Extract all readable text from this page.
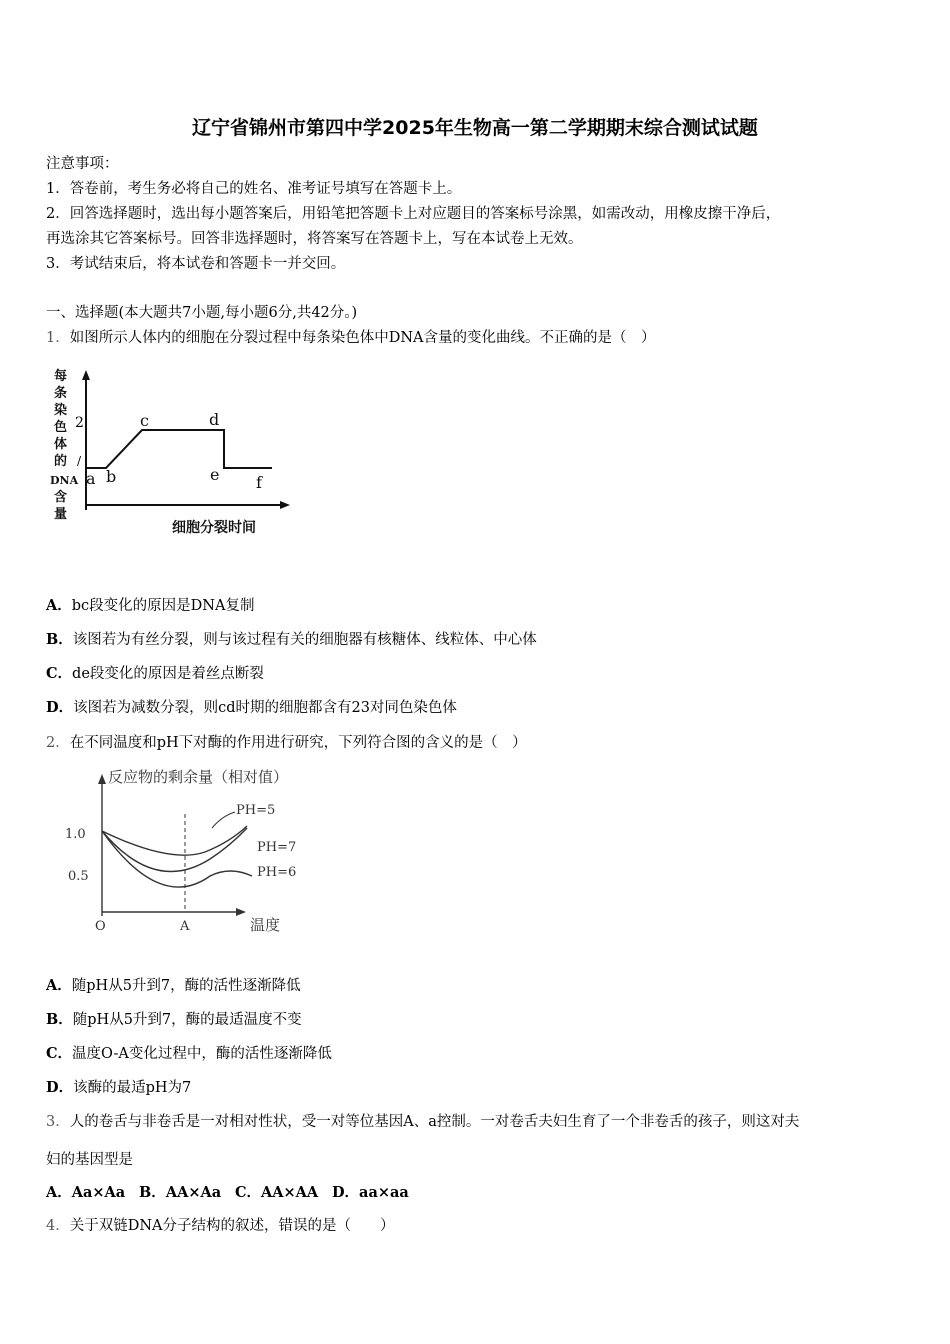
辽宁省锦州市第四中学2025年生物高一第二学期期末综合测试试题
注意事项：
1．答卷前，考生务必将自己的姓名、准考证号填写在答题卡上。
2．回答选择题时，选出每小题答案后，用铅笔把答题卡上对应题目的答案标号涂黑，如需改动，用橡皮擦干净后，
再选涂其它答案标号。回答非选择题时，将答案写在答题卡上，写在本试卷上无效。
3．考试结束后，将本试卷和答题卡一并交回。
一、选择题(本大题共7小题,每小题6分,共42分。)
1．如图所示人体内的细胞在分裂过程中每条染色体中DNA含量的变化曲线。不正确的是（　）
每
条
染
色
体
的
DNA
含
量
2
/
a b
c	d
e f
细胞分裂时间
A．bc段变化的原因是DNA复制
B．该图若为有丝分裂，则与该过程有关的细胞器有核糖体、线粒体、中心体
C．de段变化的原因是着丝点断裂
D．该图若为减数分裂，则cd时期的细胞都含有23对同色染色体
2．在不同温度和pH下对酶的作用进行研究，下列符合图的含义的是（　）
反应物的剩余量（相对值）
1.0
0.5
O	A	温度
PH=5
PH=7
PH=6
A．随pH从5升到7，酶的活性逐渐降低
B．随pH从5升到7，酶的最适温度不变
C．温度O-A变化过程中，酶的活性逐渐降低
D．该酶的最适pH为7
3．人的卷舌与非卷舌是一对相对性状，受一对等位基因A、a控制。一对卷舌夫妇生育了一个非卷舌的孩子，则这对夫
妇的基因型是
A．Aa×Aa B．AA×Aa C．AA×AA D．aa×aa
4．关于双链DNA分子结构的叙述，错误的是（　　）
